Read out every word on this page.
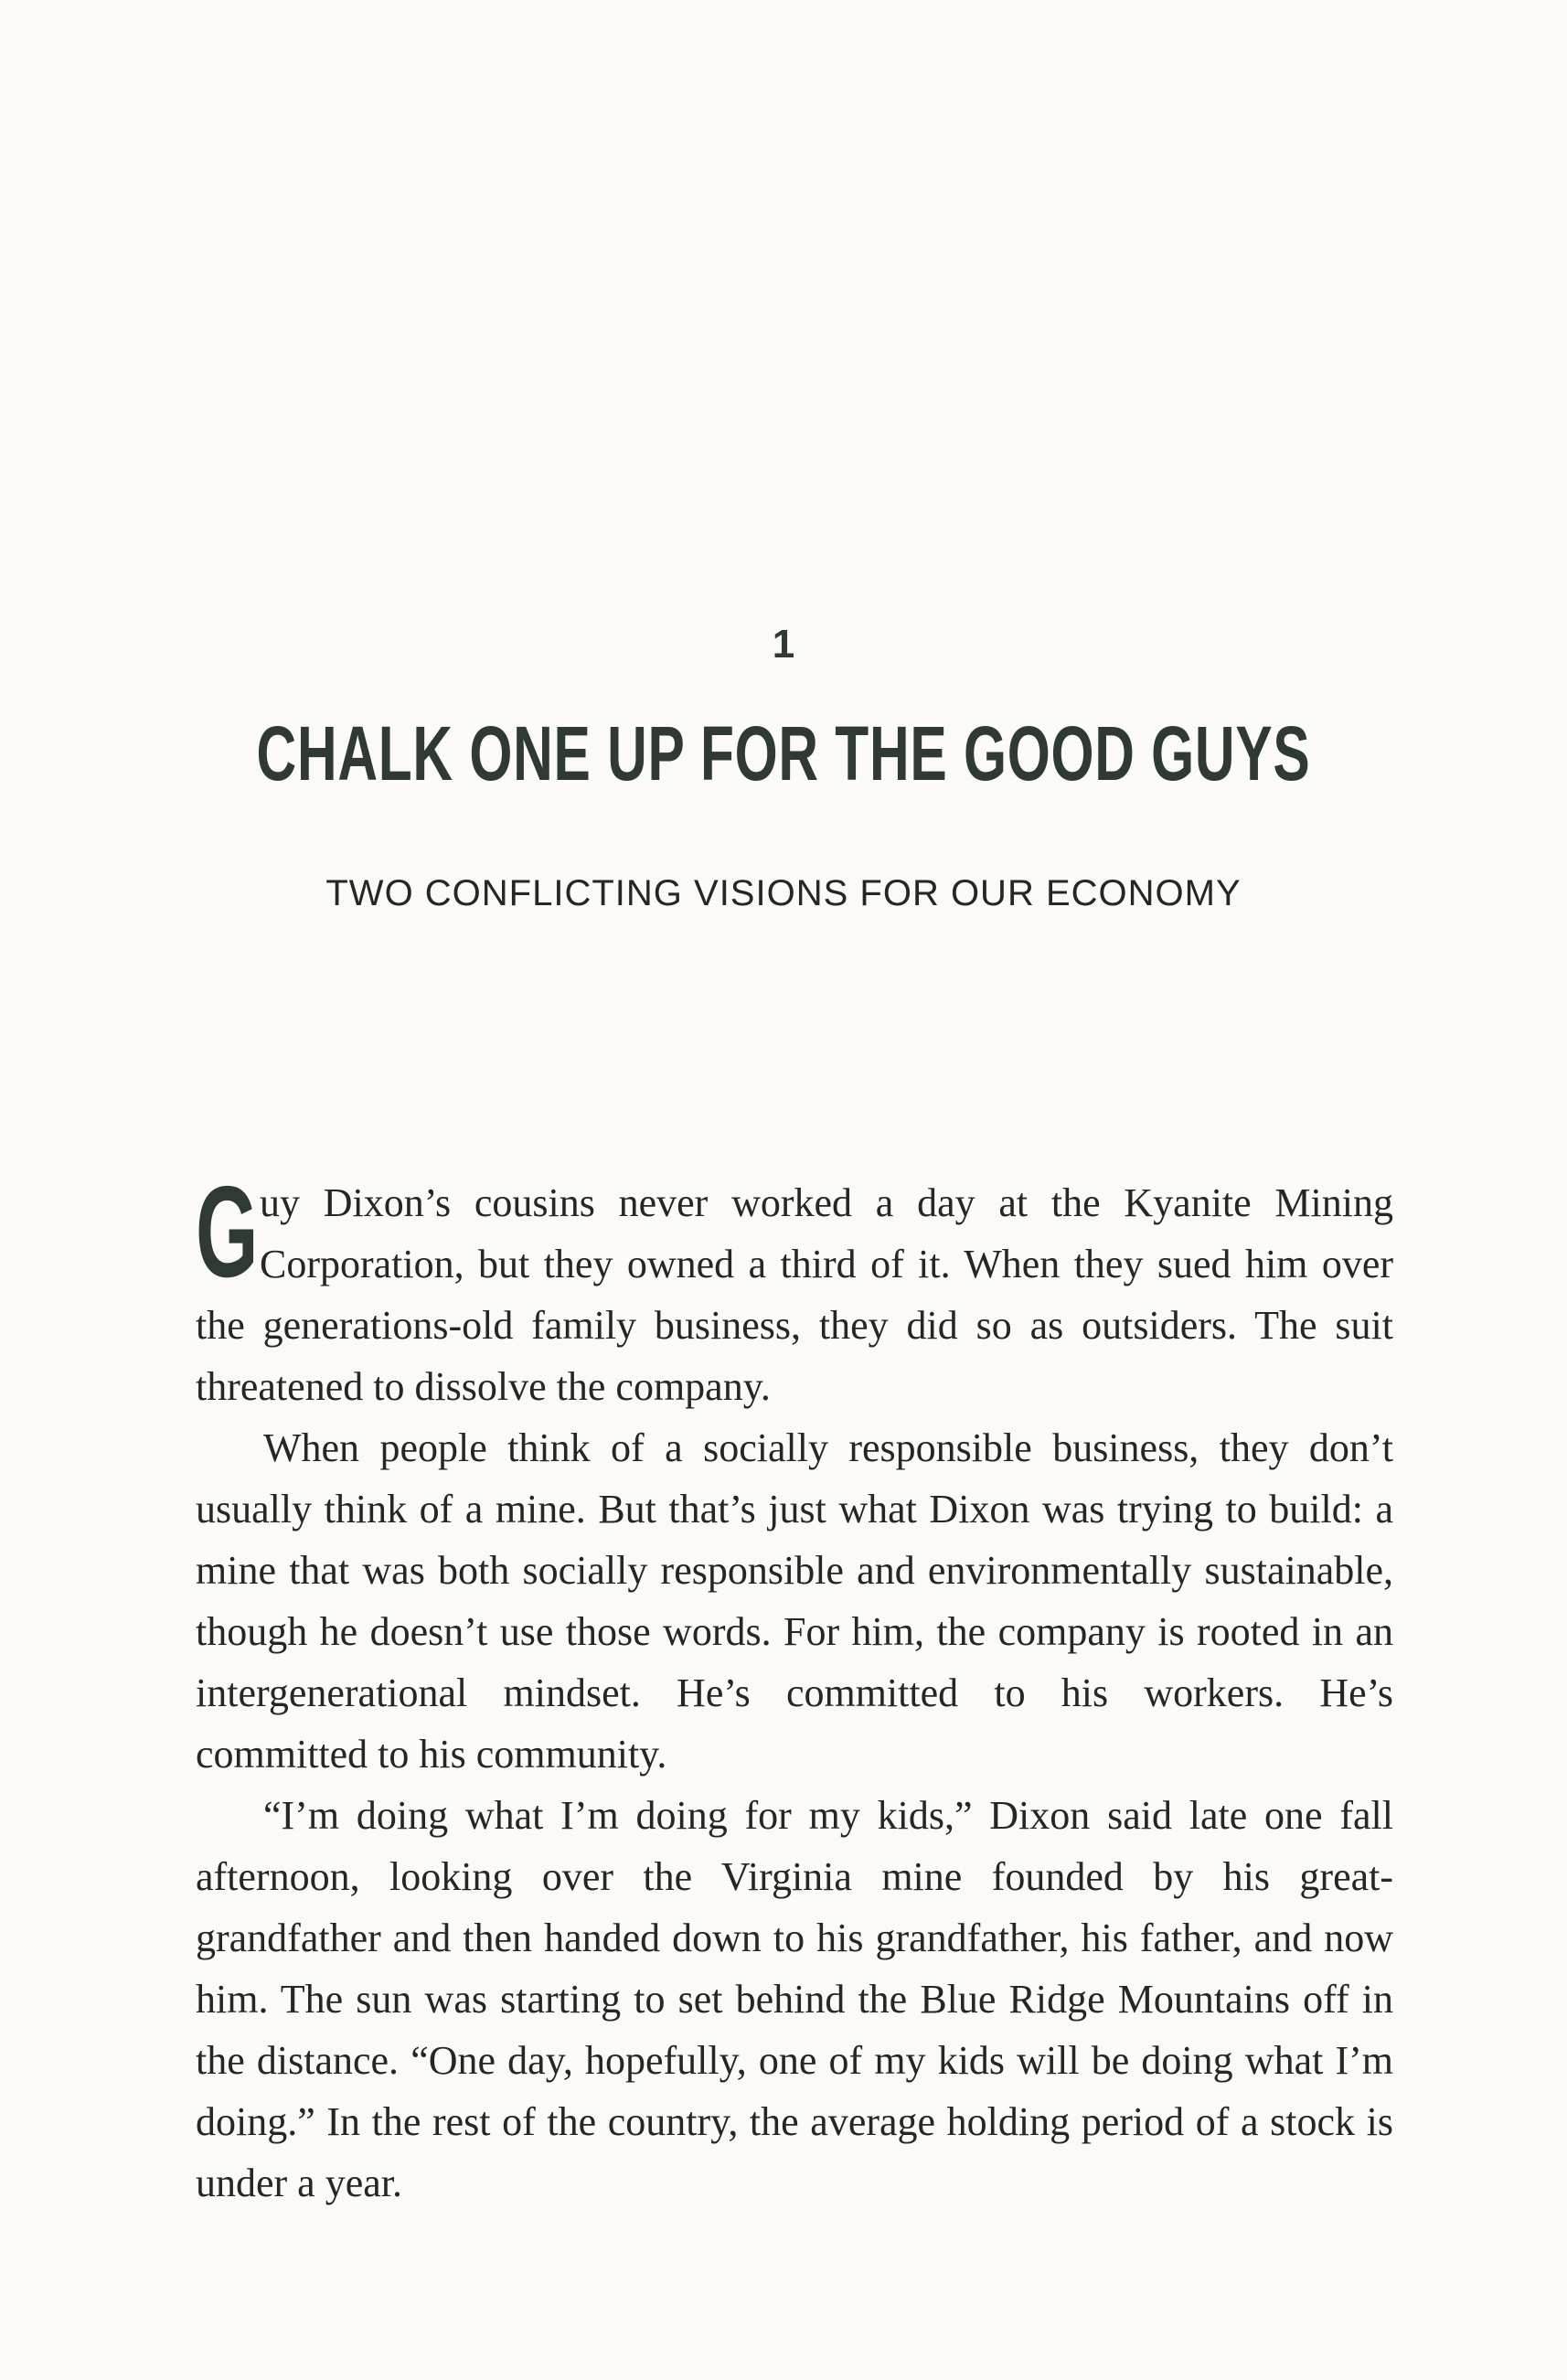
1
CHALK ONE UP FOR THE GOOD GUYS
TWO CONFLICTING VISIONS FOR OUR ECONOMY

Guy Dixon’s cousins never worked a day at the Kyanite Mining Corporation, but they owned a third of it. When they sued him over the generations-old family business, they did so as outsiders. The suit threatened to dissolve the company.

When people think of a socially responsible business, they don’t usually think of a mine. But that’s just what Dixon was trying to build: a mine that was both socially responsible and environmentally sustainable, though he doesn’t use those words. For him, the company is rooted in an intergenerational mindset. He’s committed to his workers. He’s committed to his community.

“I’m doing what I’m doing for my kids,” Dixon said late one fall afternoon, looking over the Virginia mine founded by his great-grandfather and then handed down to his grandfather, his father, and now him. The sun was starting to set behind the Blue Ridge Mountains off in the distance. “One day, hopefully, one of my kids will be doing what I’m doing.” In the rest of the country, the average holding period of a stock is under a year.
